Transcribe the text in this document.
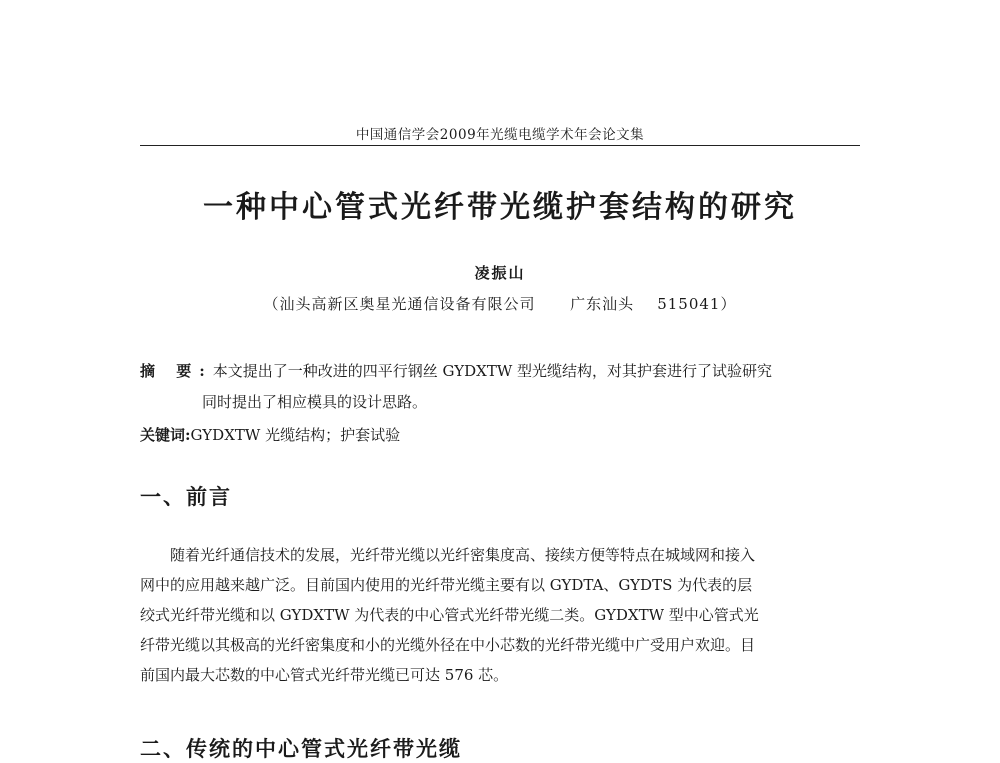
中国通信学会2009年光缆电缆学术年会论文集
一种中心管式光纤带光缆护套结构的研究
凌振山
（汕头高新区奥星光通信设备有限公司 广东汕头 515041）
摘 要:本文提出了一种改进的四平行钢丝 GYDXTW 型光缆结构，对其护套进行了试验研究
同时提出了相应模具的设计思路。
关键词:GYDXTW 光缆结构；护套试验
一、前言
随着光纤通信技术的发展，光纤带光缆以光纤密集度高、接续方便等特点在城域网和接入
网中的应用越来越广泛。目前国内使用的光纤带光缆主要有以 GYDTA、GYDTS 为代表的层
绞式光纤带光缆和以 GYDXTW 为代表的中心管式光纤带光缆二类。GYDXTW 型中心管式光
纤带光缆以其极高的光纤密集度和小的光缆外径在中小芯数的光纤带光缆中广受用户欢迎。目
前国内最大芯数的中心管式光纤带光缆已可达 576 芯。
二、传统的中心管式光纤带光缆
